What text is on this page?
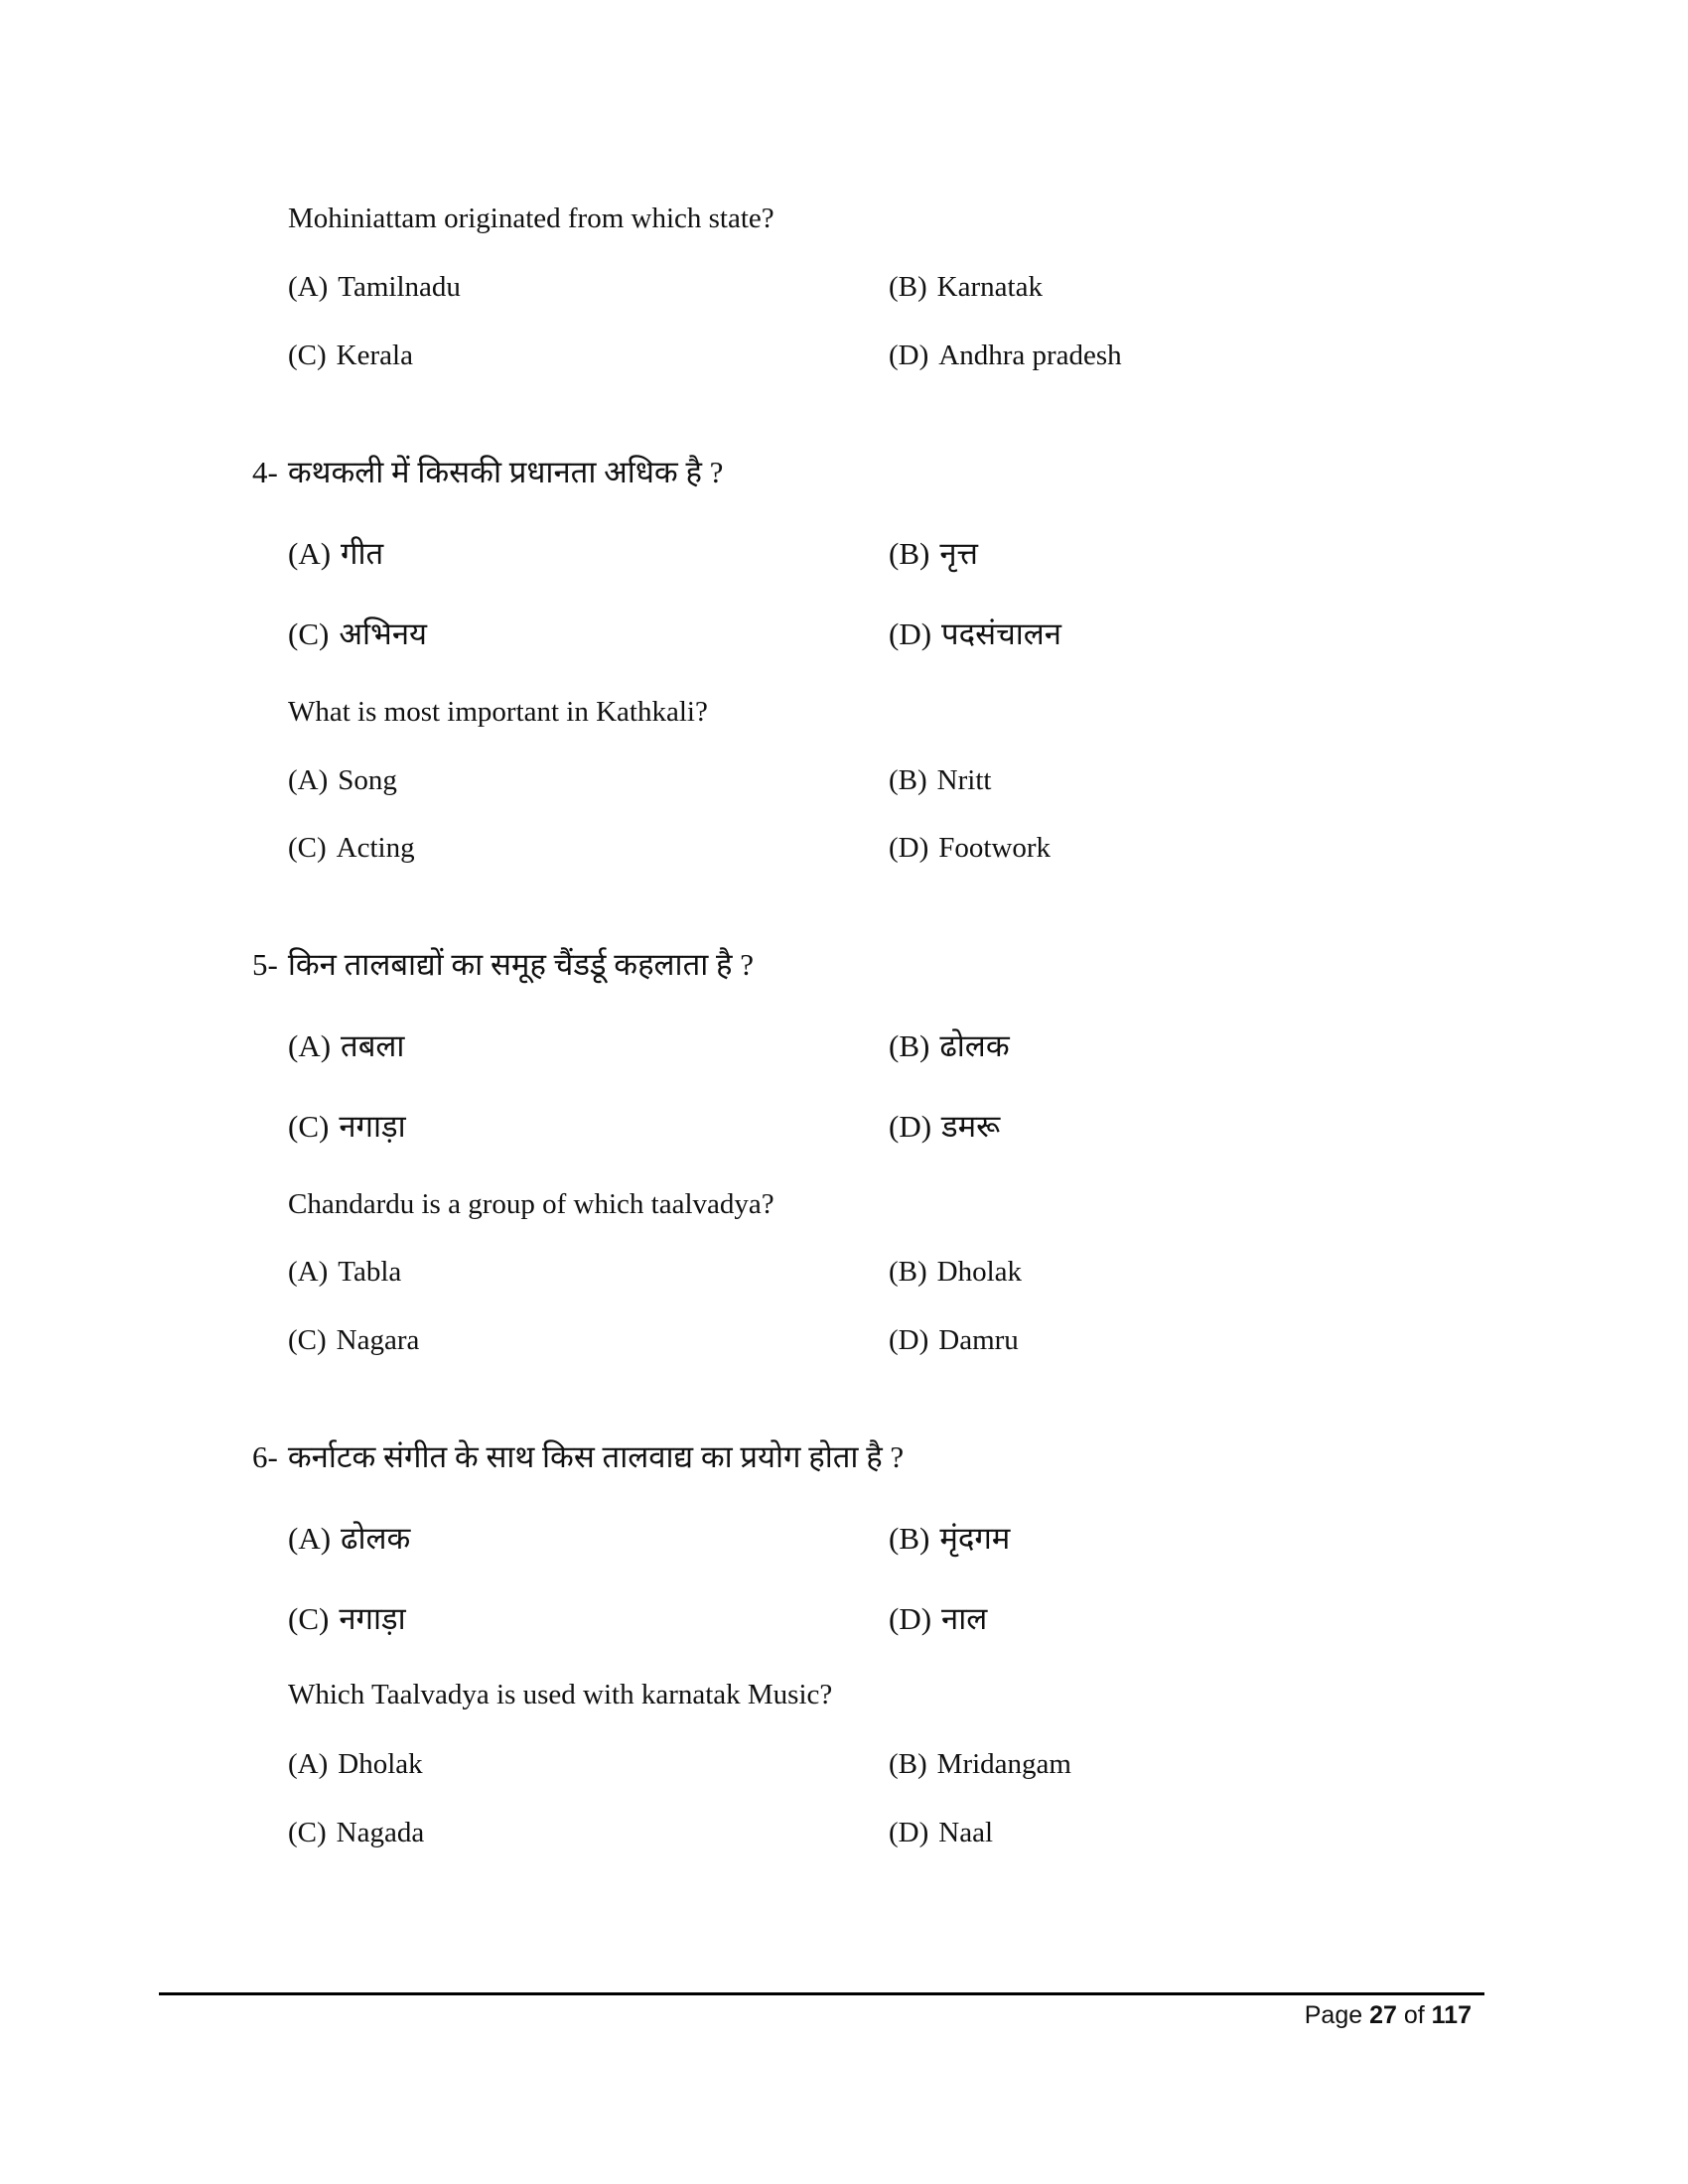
Mohiniattam originated from which state?
(A) Tamilnadu	(B) Karnatak
(C) Kerala	(D) Andhra pradesh
4- कथकली में किसकी प्रधानता अधिक है ?
(A) गीत	(B) नृत्त
(C) अभिनय	(D) पदसंचालन
What is most important in Kathkali?
(A) Song	(B) Nritt
(C) Acting	(D) Footwork
5- किन तालबाद्यों का समूह चैंडर्डू कहलाता है ?
(A) तबला	(B) ढोलक
(C) नगाड़ा	(D) डमरू
Chandardu is a group of which taalvadya?
(A) Tabla	(B) Dholak
(C) Nagara	(D) Damru
6- कर्नाटक संगीत के साथ किस तालवाद्य का प्रयोग होता है ?
(A) ढोलक	(B) मृंदगम
(C) नगाड़ा	(D) नाल
Which Taalvadya is used with karnatak Music?
(A) Dholak	(B) Mridangam
(C) Nagada	(D) Naal
Page 27 of 117
